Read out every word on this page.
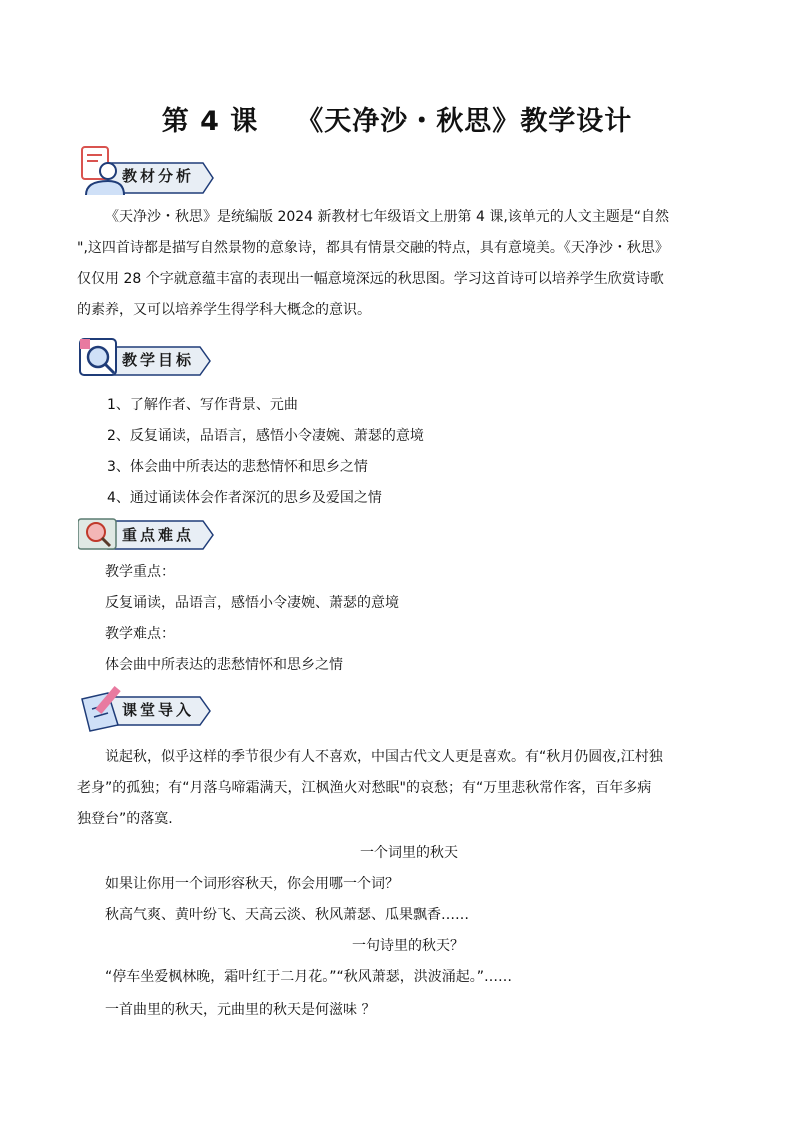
第 4 课 《天净沙・秋思》教学设计
教材分析
《天净沙・秋思》是统编版 2024 新教材七年级语文上册第 4 课,该单元的人文主题是“自然
",这四首诗都是描写自然景物的意象诗，都具有情景交融的特点，具有意境美。《天净沙・秋思》
仅仅用 28 个字就意蕴丰富的表现出一幅意境深远的秋思图。学习这首诗可以培养学生欣赏诗歌
的素养，又可以培养学生得学科大概念的意识。
教学目标
1、了解作者、写作背景、元曲
2、反复诵读，品语言，感悟小令凄婉、萧瑟的意境
3、体会曲中所表达的悲愁情怀和思乡之情
4、通过诵读体会作者深沉的思乡及爱国之情
重点难点
教学重点：
反复诵读，品语言，感悟小令凄婉、萧瑟的意境
教学难点：
体会曲中所表达的悲愁情怀和思乡之情
课堂导入
说起秋，似乎这样的季节很少有人不喜欢，中国古代文人更是喜欢。有“秋月仍圆夜,江村独
老身”的孤独；有“月落乌啼霜满天，江枫渔火对愁眠"的哀愁；有“万里悲秋常作客，百年多病
独登台”的落寞.
一个词里的秋天
如果让你用一个词形容秋天，你会用哪一个词？
秋高气爽、黄叶纷飞、天高云淡、秋风萧瑟、瓜果飘香……
一句诗里的秋天？
“停车坐爱枫林晚，霜叶红于二月花。”“秋风萧瑟，洪波涌起。”……
一首曲里的秋天，元曲里的秋天是何滋味 ？
